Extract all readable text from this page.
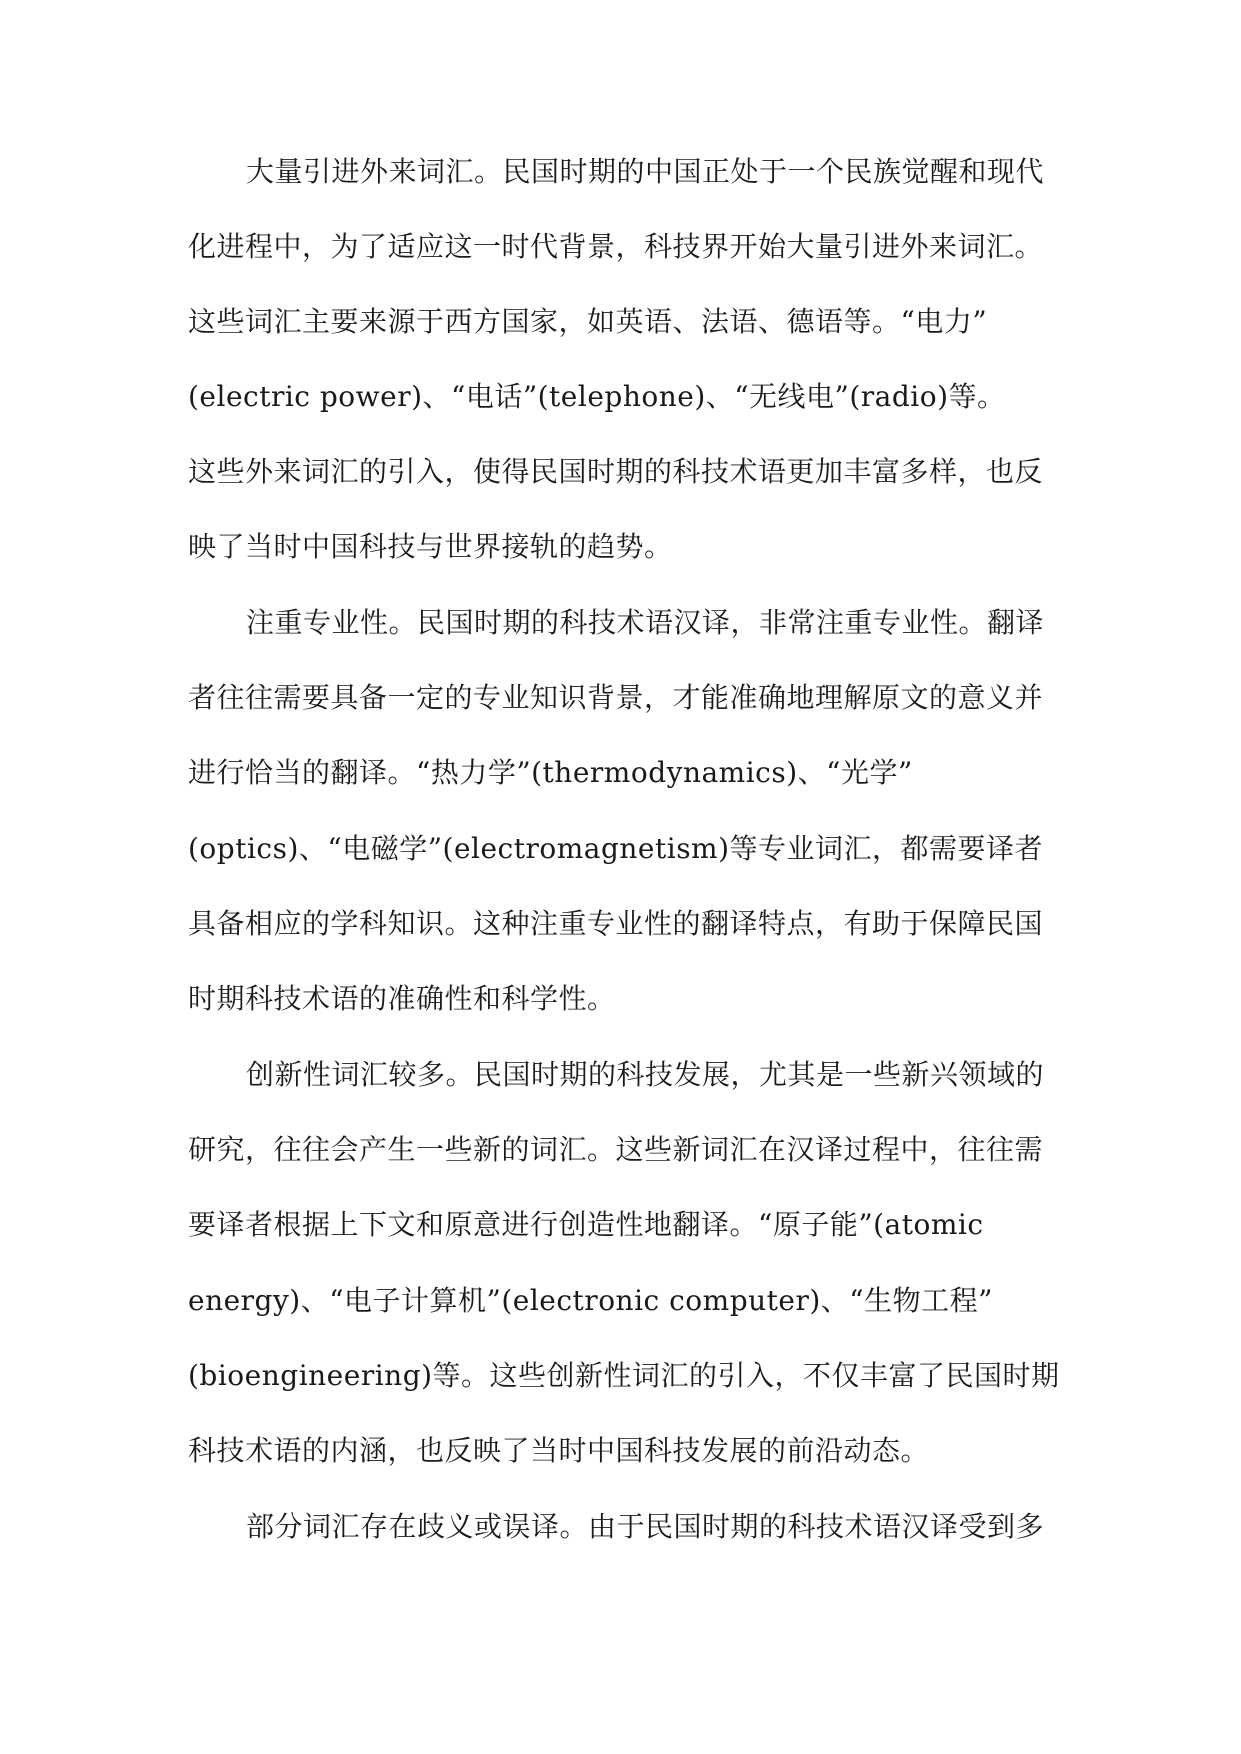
大量引进外来词汇。民国时期的中国正处于一个民族觉醒和现代
化进程中，为了适应这一时代背景，科技界开始大量引进外来词汇。
这些词汇主要来源于西方国家，如英语、法语、德语等。“电力”
(electric power)、“电话”(telephone)、“无线电”(radio)等。
这些外来词汇的引入，使得民国时期的科技术语更加丰富多样，也反
映了当时中国科技与世界接轨的趋势。
注重专业性。民国时期的科技术语汉译，非常注重专业性。翻译
者往往需要具备一定的专业知识背景，才能准确地理解原文的意义并
进行恰当的翻译。“热力学”(thermodynamics)、“光学”
(optics)、“电磁学”(electromagnetism)等专业词汇，都需要译者
具备相应的学科知识。这种注重专业性的翻译特点，有助于保障民国
时期科技术语的准确性和科学性。
创新性词汇较多。民国时期的科技发展，尤其是一些新兴领域的
研究，往往会产生一些新的词汇。这些新词汇在汉译过程中，往往需
要译者根据上下文和原意进行创造性地翻译。“原子能”(atomic
energy)、“电子计算机”(electronic computer)、“生物工程”
(bioengineering)等。这些创新性词汇的引入，不仅丰富了民国时期
科技术语的内涵，也反映了当时中国科技发展的前沿动态。
部分词汇存在歧义或误译。由于民国时期的科技术语汉译受到多
